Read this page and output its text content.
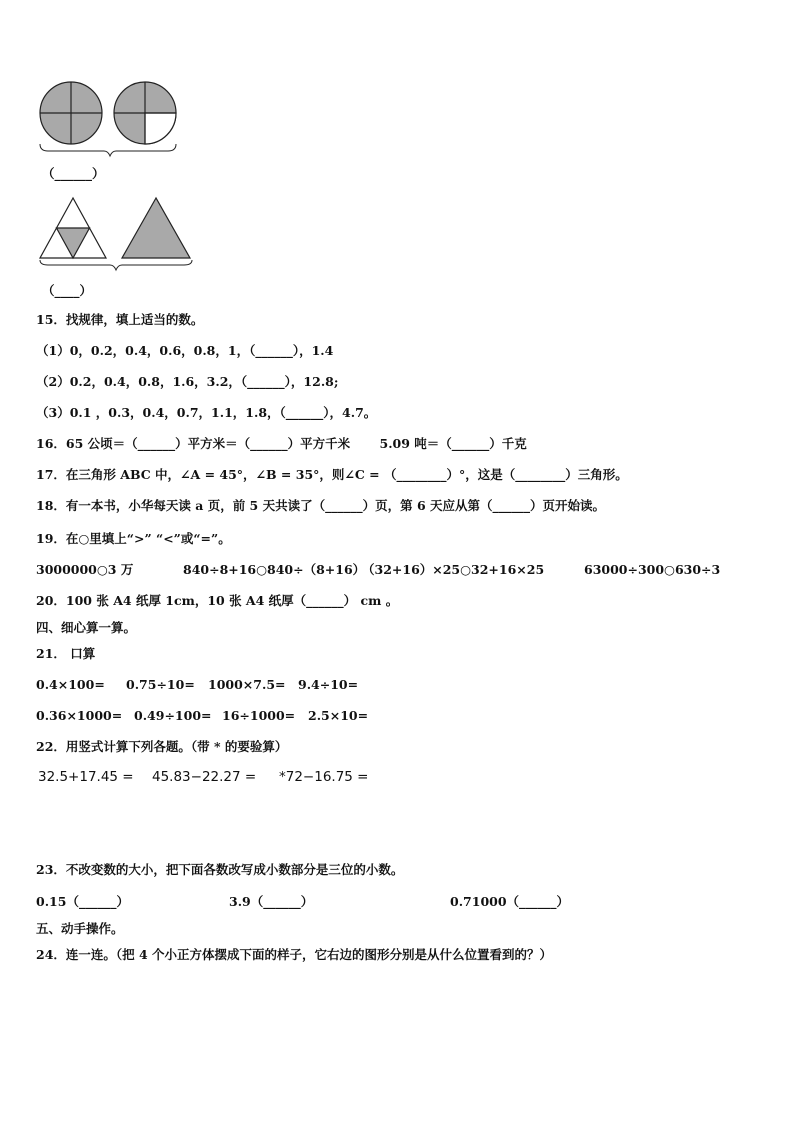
（______）
（____）
15．找规律，填上适当的数。
（1）0，0.2，0.4，0.6，0.8，1，（______），1.4
（2）0.2，0.4，0.8，1.6，3.2，（______），12.8;
（3）0.1 ，0.3，0.4，0.7，1.1，1.8，（______），4.7。
16．65 公顷＝（______）平方米＝（______）平方千米　　 5.09 吨＝（______）千克
17．在三角形 ABC 中，∠A = 45°，∠B = 35°，则∠C = （________）°，这是（________）三角形。
18．有一本书，小华每天读 a 页，前 5 天共读了（______）页，第 6 天应从第（______）页开始读。
19．在○里填上“>” “<”或“=”。
3000000○3 万	840÷8+16○840÷（8+16）
（32+16）×25○32+16×25	63000÷300○630÷3
20．100 张 A4 纸厚 1cm，10 张 A4 纸厚（______） cm 。
四、细心算一算。
21． 口算
0.4×100= 0.75÷10= 1000×7.5= 9.4÷10=
0.36×1000= 0.49÷100= 16÷1000= 2.5×10=
22．用竖式计算下列各题。（带 * 的要验算）
32.5+17.45 = 45.83−22.27 = *72−16.75 =
23．不改变数的大小，把下面各数改写成小数部分是三位的小数。
0.15（______）	3.9（______）	0.71000（______）
五、动手操作。
24．连一连。（把 4 个小正方体摆成下面的样子，它右边的图形分别是从什么位置看到的？）
